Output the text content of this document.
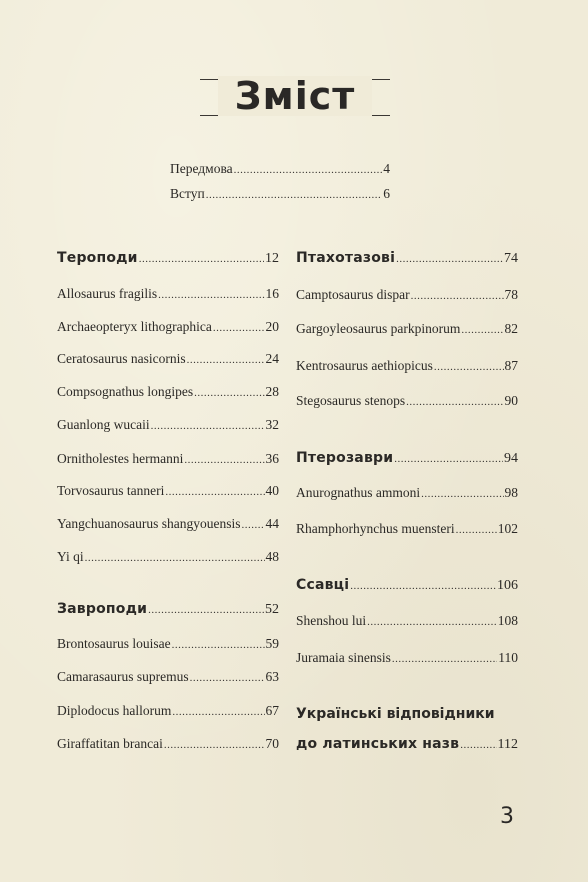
Зміст
Передмова .....	4
Вступ .....	6
Тероподи .....	12
Allosaurus fragilis .....	16
Archaeopteryx lithographica .....	20
Ceratosaurus nasicornis .....	24
Compsognathus longipes .....	28
Guanlong wucaii .....	32
Ornitholestes hermanni .....	36
Torvosaurus tanneri .....	40
Yangchuanosaurus shangyouensis ..... 44
Yi qi .....	48
Завроподи .....	52
Brontosaurus louisae .....	59
Camarasaurus supremus .....	63
Diplodocus hallorum .....	67
Giraffatitan brancai .....	70
Птахотазові .....	74
Camptosaurus dispar .....	78
Gargoyleosaurus parkpinorum .....	82
Kentrosaurus aethiopicus .....	87
Stegosaurus stenops .....	90
Птерозаври .....	94
Anurognathus ammoni .....	98
Rhamphorhynchus muensteri .....	102
Ссавці .....	106
Shenshou lui .....	108
Juramaia sinensis .....	110
Українські відповідники
до латинських назв .....	112
3
